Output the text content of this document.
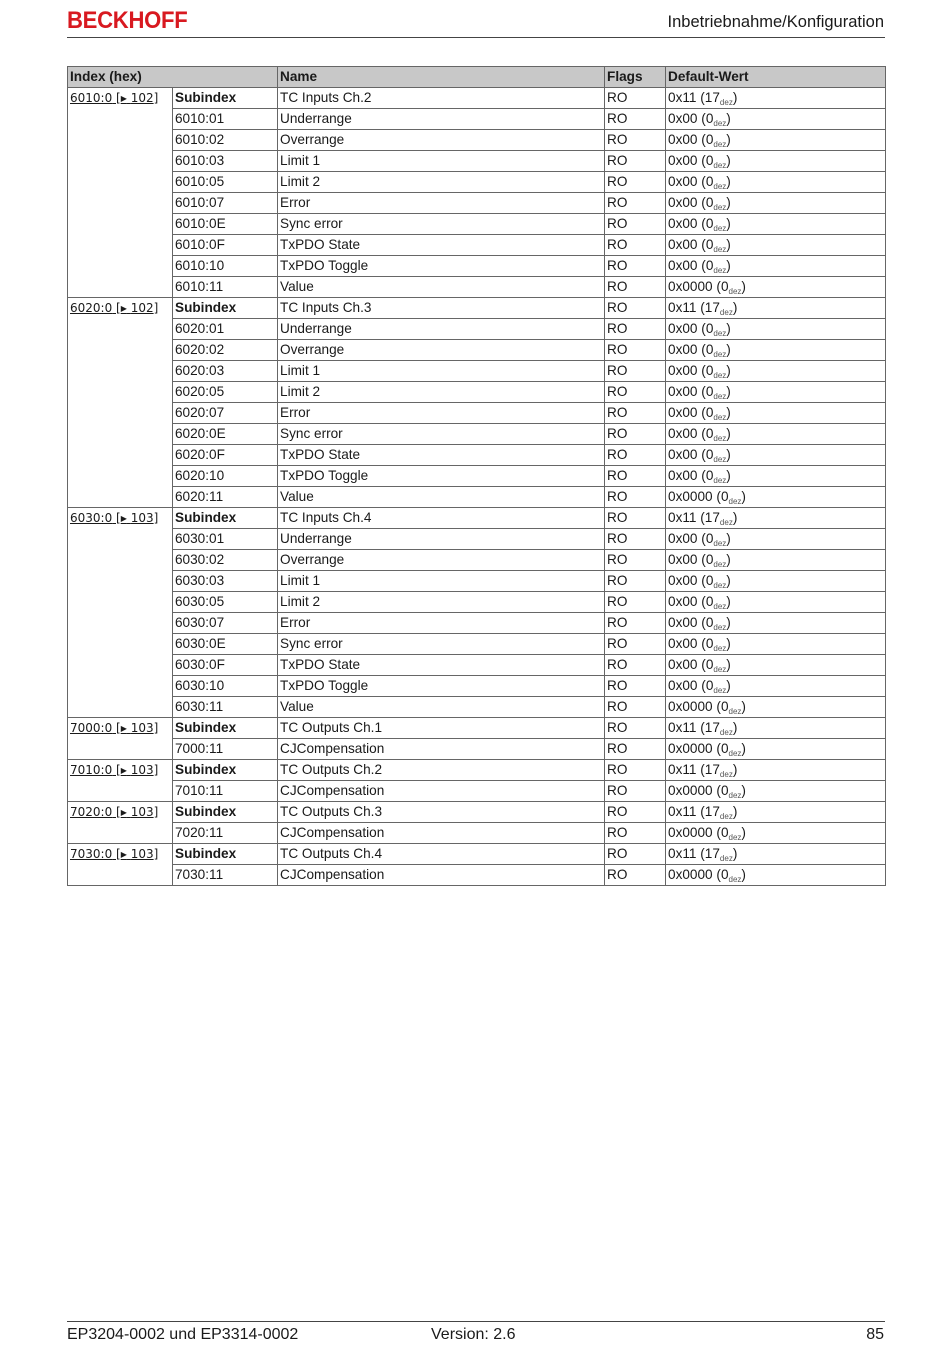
BECKHOFF	Inbetriebnahme/Konfiguration
Index (hex)		Name	Flags	Default-Wert
6010:0 [▶ 102]	Subindex	TC Inputs Ch.2	RO	0x11 $(17_{dez})$
	6010:01	Underrange	RO	0x00 $(0_{dez})$
	6010:02	Overrange	RO	0x00 $(0_{dez})$
	6010:03	Limit 1	RO	0x00 $(0_{dez})$
	6010:05	Limit 2	RO	0x00 $(0_{dez})$
	6010:07	Error	RO	0x00 $(0_{dez})$
	6010:0E	Sync error	RO	0x00 $(0_{dez})$
	6010:0F	TxPDO State	RO	0x00 $(0_{dez})$
	6010:10	TxPDO Toggle	RO	0x00 $(0_{dez})$
	6010:11	Value	RO	0x0000 $(0_{dez})$
6020:0 [▶ 102]	Subindex	TC Inputs Ch.3	RO	0x11 $(17_{dez})$
	6020:01	Underrange	RO	0x00 $(0_{dez})$
	6020:02	Overrange	RO	0x00 $(0_{dez})$
	6020:03	Limit 1	RO	0x00 $(0_{dez})$
	6020:05	Limit 2	RO	0x00 $(0_{dez})$
	6020:07	Error	RO	0x00 $(0_{dez})$
	6020:0E	Sync error	RO	0x00 $(0_{dez})$
	6020:0F	TxPDO State	RO	0x00 $(0_{dez})$
	6020:10	TxPDO Toggle	RO	0x00 $(0_{dez})$
	6020:11	Value	RO	0x0000 $(0_{dez})$
6030:0 [▶ 103]	Subindex	TC Inputs Ch.4	RO	0x11 $(17_{dez})$
	6030:01	Underrange	RO	0x00 $(0_{dez})$
	6030:02	Overrange	RO	0x00 $(0_{dez})$
	6030:03	Limit 1	RO	0x00 $(0_{dez})$
	6030:05	Limit 2	RO	0x00 $(0_{dez})$
	6030:07	Error	RO	0x00 $(0_{dez})$
	6030:0E	Sync error	RO	0x00 $(0_{dez})$
	6030:0F	TxPDO State	RO	0x00 $(0_{dez})$
	6030:10	TxPDO Toggle	RO	0x00 $(0_{dez})$
	6030:11	Value	RO	0x0000 $(0_{dez})$
7000:0 [▶ 103]	Subindex	TC Outputs Ch.1	RO	0x11 $(17_{dez})$
	7000:11	CJCompensation	RO	0x0000 $(0_{dez})$
7010:0 [▶ 103]	Subindex	TC Outputs Ch.2	RO	0x11 $(17_{dez})$
	7010:11	CJCompensation	RO	0x0000 $(0_{dez})$
7020:0 [▶ 103]	Subindex	TC Outputs Ch.3	RO	0x11 $(17_{dez})$
	7020:11	CJCompensation	RO	0x0000 $(0_{dez})$
7030:0 [▶ 103]	Subindex	TC Outputs Ch.4	RO	0x11 $(17_{dez})$
	7030:11	CJCompensation	RO	0x0000 $(0_{dez})$
EP3204-0002 und EP3314-0002	Version: 2.6	85
